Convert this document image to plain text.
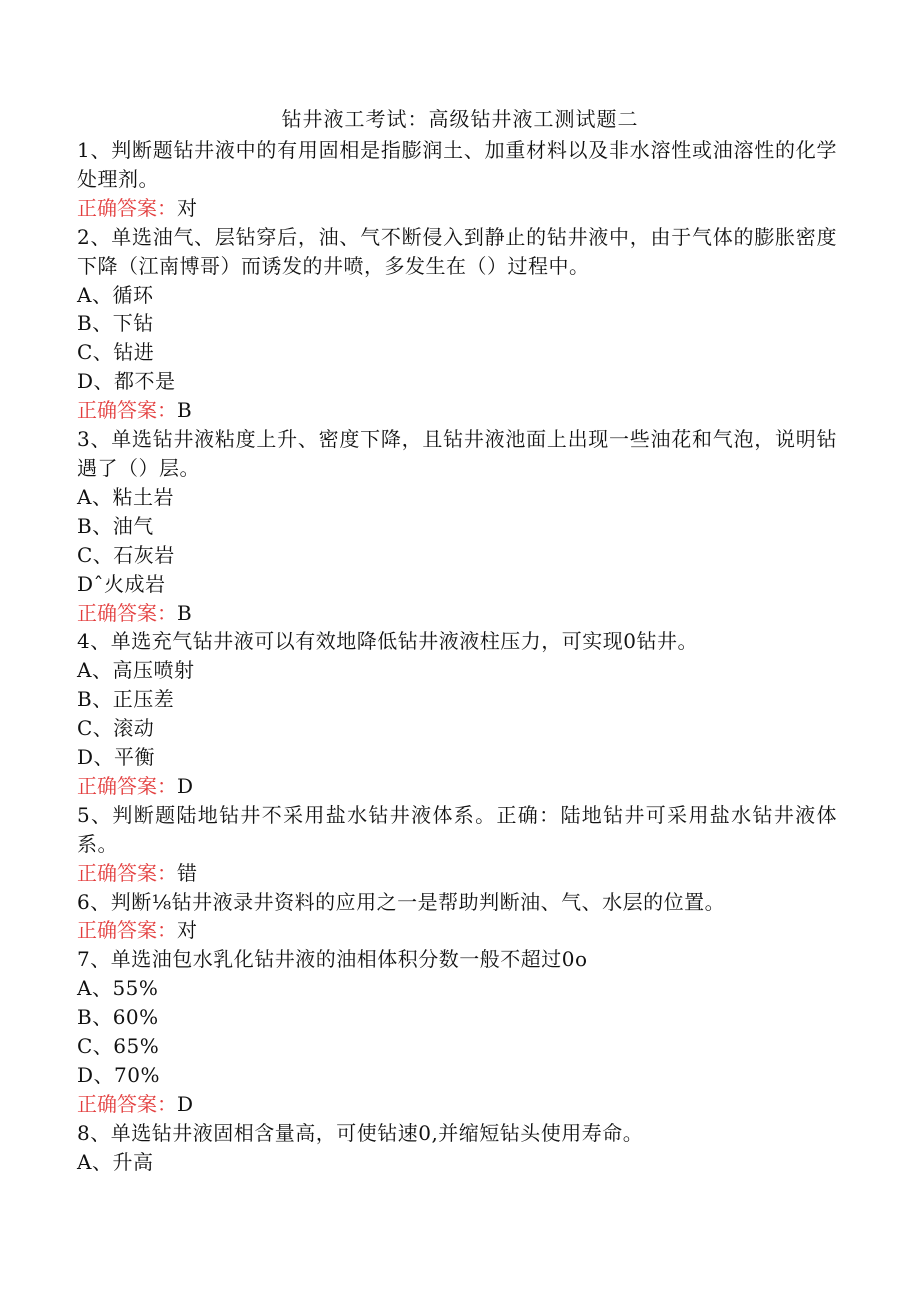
钻井液工考试：高级钻井液工测试题二
1、判断题钻井液中的有用固相是指膨润土、加重材料以及非水溶性或油溶性的化学处理剂。
正确答案：对
2、单选油气、层钻穿后，油、气不断侵入到静止的钻井液中，由于气体的膨胀密度下降（江南博哥）而诱发的井喷，多发生在（）过程中。
A、循环
B、下钻
C、钻进
D、都不是
正确答案：B
3、单选钻井液粘度上升、密度下降，且钻井液池面上出现一些油花和气泡，说明钻遇了（）层。
A、粘土岩
B、油气
C、石灰岩
Dˆ火成岩
正确答案：B
4、单选充气钻井液可以有效地降低钻井液液柱压力，可实现0钻井。
A、高压喷射
B、正压差
C、滚动
D、平衡
正确答案：D
5、判断题陆地钻井不采用盐水钻井液体系。正确：陆地钻井可采用盐水钻井液体系。
正确答案：错
6、判断⅛钻井液录井资料的应用之一是帮助判断油、气、水层的位置。
正确答案：对
7、单选油包水乳化钻井液的油相体积分数一般不超过0o
A、55%
B、60%
C、65%
D、70%
正确答案：D
8、单选钻井液固相含量高，可使钻速0,并缩短钻头使用寿命。
A、升高
